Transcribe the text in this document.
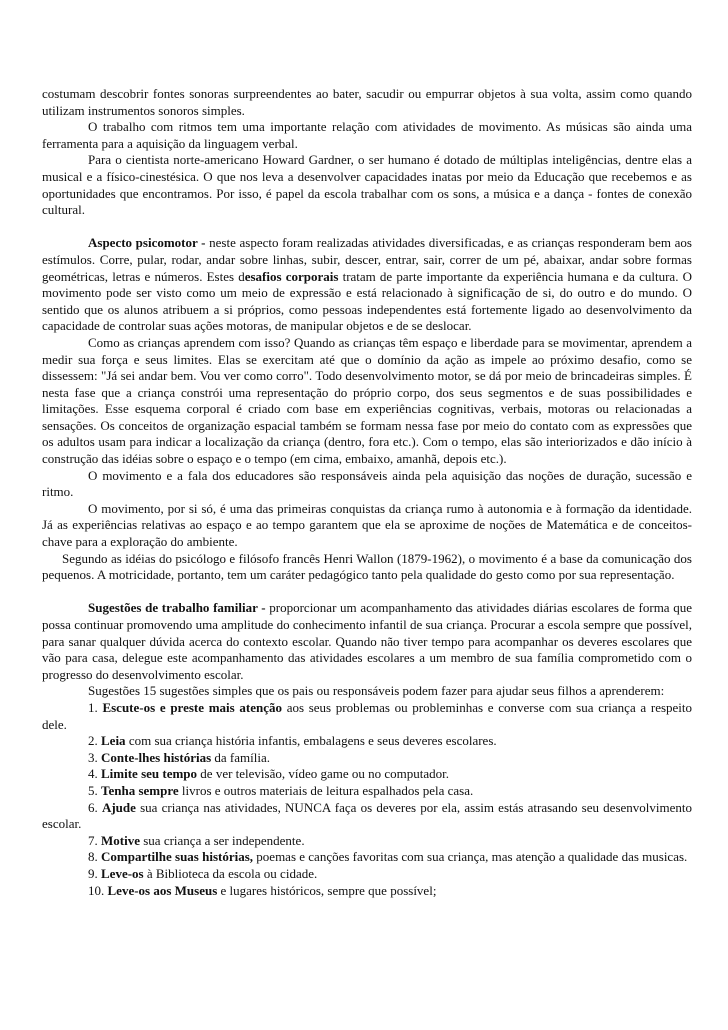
costumam descobrir fontes sonoras surpreendentes ao bater, sacudir ou empurrar objetos à sua volta, assim como quando utilizam instrumentos sonoros simples.

O trabalho com ritmos tem uma importante relação com atividades de movimento. As músicas são ainda uma ferramenta para a aquisição da linguagem verbal.

Para o cientista norte-americano Howard Gardner, o ser humano é dotado de múltiplas inteligências, dentre elas a musical e a físico-cinestésica. O que nos leva a desenvolver capacidades inatas por meio da Educação que recebemos e as oportunidades que encontramos. Por isso, é papel da escola trabalhar com os sons, a música e a dança - fontes de conexão cultural.

Aspecto psicomotor - neste aspecto foram realizadas atividades diversificadas, e as crianças responderam bem aos estímulos. Corre, pular, rodar, andar sobre linhas, subir, descer, entrar, sair, correr de um pé, abaixar, andar sobre formas geométricas, letras e números. Estes desafios corporais tratam de parte importante da experiência humana e da cultura. O movimento pode ser visto como um meio de expressão e está relacionado à significação de si, do outro e do mundo. O sentido que os alunos atribuem a si próprios, como pessoas independentes está fortemente ligado ao desenvolvimento da capacidade de controlar suas ações motoras, de manipular objetos e de se deslocar.

Como as crianças aprendem com isso? Quando as crianças têm espaço e liberdade para se movimentar, aprendem a medir sua força e seus limites. Elas se exercitam até que o domínio da ação as impele ao próximo desafio, como se dissessem: "Já sei andar bem. Vou ver como corro". Todo desenvolvimento motor, se dá por meio de brincadeiras simples. É nesta fase que a criança constrói uma representação do próprio corpo, dos seus segmentos e de suas possibilidades e limitações. Esse esquema corporal é criado com base em experiências cognitivas, verbais, motoras ou relacionadas a sensações. Os conceitos de organização espacial também se formam nessa fase por meio do contato com as expressões que os adultos usam para indicar a localização da criança (dentro, fora etc.). Com o tempo, elas são interiorizados e dão início à construção das idéias sobre o espaço e o tempo (em cima, embaixo, amanhã, depois etc.).

O movimento e a fala dos educadores são responsáveis ainda pela aquisição das noções de duração, sucessão e ritmo.

O movimento, por si só, é uma das primeiras conquistas da criança rumo à autonomia e à formação da identidade. Já as experiências relativas ao espaço e ao tempo garantem que ela se aproxime de noções de Matemática e de conceitos-chave para a exploração do ambiente.

Segundo as idéias do psicólogo e filósofo francês Henri Wallon (1879-1962), o movimento é a base da comunicação dos pequenos. A motricidade, portanto, tem um caráter pedagógico tanto pela qualidade do gesto como por sua representação.

Sugestões de trabalho familiar - proporcionar um acompanhamento das atividades diárias escolares de forma que possa continuar promovendo uma amplitude do conhecimento infantil de sua criança. Procurar a escola sempre que possível, para sanar qualquer dúvida acerca do contexto escolar. Quando não tiver tempo para acompanhar os deveres escolares que vão para casa, delegue este acompanhamento das atividades escolares a um membro de sua família comprometido com o progresso do desenvolvimento escolar.

Sugestões 15 sugestões simples que os pais ou responsáveis podem fazer para ajudar seus filhos a aprenderem:

1. Escute-os e preste mais atenção aos seus problemas ou probleminhas e converse com sua criança a respeito dele.

2. Leia com sua criança história infantis, embalagens e seus deveres escolares.

3. Conte-lhes histórias da família.

4. Limite seu tempo de ver televisão, vídeo game ou no computador.

5. Tenha sempre livros e outros materiais de leitura espalhados pela casa.

6. Ajude sua criança nas atividades, NUNCA faça os deveres por ela, assim estás atrasando seu desenvolvimento escolar.

7. Motive sua criança a ser independente.

8. Compartilhe suas histórias, poemas e canções favoritas com sua criança, mas atenção a qualidade das musicas.

9. Leve-os à Biblioteca da escola ou cidade.

10. Leve-os aos Museus e lugares históricos, sempre que possível;
